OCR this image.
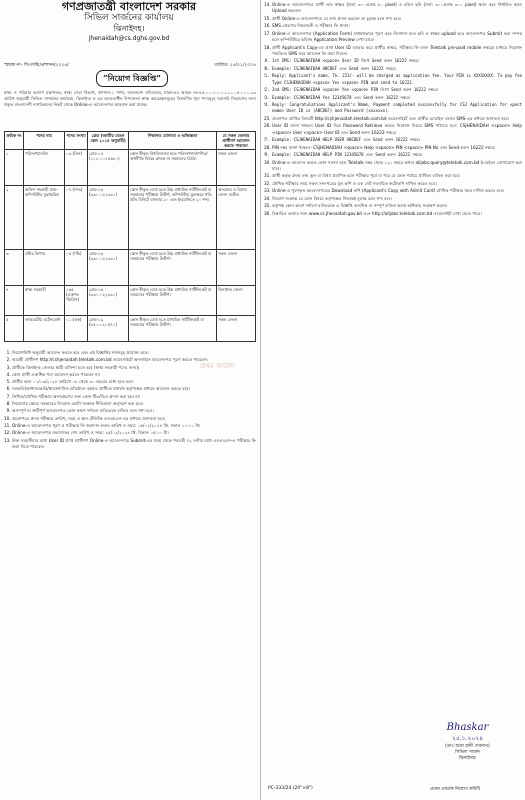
গণপ্রজাতন্ত্রী বাংলাদেশ সরকার
সিভিল সার্জনের কার্যালয়
ঝিনাইদহ।
jhenaidah@cs.dghs.gov.bd
স্মারক নং- সিএসঝি/প্রশাসন/২০২৪/	তারিখঃ ২৫/০১/২০২৪
“নিয়োগ বিজ্ঞপ্তি”
স্বাস্থ্য ও পরিবার কল্যাণ মন্ত্রণালয়, স্বাস্থ্য সেবা বিভাগ, প্রশাসন-১ শাখা, বাংলাদেশ সচিবালয়, ঢাকা-এর স্মারক নং-৪৫.০০.০০০০.১১১.০৫.০০১.২৩ তারিখ অনুযায়ী সিভিল সার্জনের কার্যালয়, ঝিনাইদহ ও এর আওতাধীন উপজেলা স্বাস্থ্য কমপ্লেক্সসমূহের নিম্নবর্ণিত শূন্য পদসমূহে সরাসরি নিয়োগের জন্য প্রকৃত বাংলাদেশী নাগরিকদের নিকট থেকে Online-এ আবেদনপত্র আহবান করা যাচ্ছে।
ক্রমিক নং	পদের নাম	পদের সংখ্যা	গ্রেড (জাতীয় বেতন স্কেল ২০১৫ অনুযায়ী)	শিক্ষাগত যোগ্যতা ও অভিজ্ঞতা	যে সকল জেলার প্রার্থীগণ আবেদন করতে পারবেন
১	পরিসংখ্যানবিদ	০৩ (তিন)	গ্রেড-১৪ (১০২০০-২৪৬৮০)	কোন স্বীকৃত বিশ্ববিদ্যালয় হতে পরিসংখ্যান/গণিত/অর্থনীতি বিষয়ে স্নাতক বা সমমানের ডিগ্রি।	সকল জেলা
২	অফিস সহকারী কাম-কম্পিউটার মুদ্রাক্ষরিক	০৭ (সাত)	গ্রেড-১৬ (৯৩০০-২২৪৯০)	কোন স্বীকৃত বোর্ড হতে উচ্চ মাধ্যমিক সার্টিফিকেট বা সমমানের পরীক্ষায় উত্তীর্ণ; কম্পিউটার মুদ্রাক্ষরে গতি প্রতি মিনিটে বাংলায় ২০ এবং ইংরেজিতে ২০ শব্দ।	অনগ্রসর ও বিশেষ জেলা ব্যতীত
৩	স্টোর কিপার	০৫ (পাঁচ)	গ্রেড-১৬ (৯৩০০-২২৪৯০)	কোন স্বীকৃত বোর্ড হতে উচ্চ মাধ্যমিক সার্টিফিকেট বা সমমানের পরীক্ষায় উত্তীর্ণ।	সকল জেলা
৪	স্বাস্থ্য সহকারী	১৩৫ (একশত পঁয়ত্রিশ)	গ্রেড-১৬ (৯৩০০-২২৪৯০)	কোন স্বীকৃত বোর্ড হতে উচ্চ মাধ্যমিক সার্টিফিকেট বা সমমানের পরীক্ষায় উত্তীর্ণ।	ঝিনাইদহ জেলা
৫	ল্যাবরেটরি এটেনডেন্ট	০১ (এক)	গ্রেড-১৯ (৮৫০০-২০৫৭০)	কোন স্বীকৃত বোর্ড হতে মাধ্যমিক সার্টিফিকেট বা সমমানের পরীক্ষায় উত্তীর্ণ।	সকল জেলা
1. নিয়োগবিধি অনুযায়ী আবেদন করতে হবে এবং এই বিজ্ঞপ্তির শর্তসমূহ প্রযোজ্য হবে।
2. আগ্রহী প্রার্থীগণ http://cshjenaidah.teletalk.com.bd ওয়েবসাইটে অনলাইনে আবেদনপত্র পূরণ করতে পারবেন।
3. প্রার্থীকে ঝিনাইদহ জেলার স্থায়ী বাসিন্দা হতে হবে (স্বাস্থ্য সহকারী পদের জন্য)।
4. কোন প্রার্থী একাধিক পদে আবেদন করতে পারবেন না।
5. প্রার্থীর বয়স ০১/০৩/২০২৪ তারিখে ১৮ থেকে ৩০ বছরের মধ্যে হতে হবে।
6. সরকারি/আধাসরকারি/স্বায়ত্তশাসিত প্রতিষ্ঠানে কর্মরত প্রার্থীকে যথাযথ কর্তৃপক্ষের মাধ্যমে আবেদন করতে হবে।
7. লিখিত/মৌখিক পরীক্ষায় অংশগ্রহণের জন্য কোন টিএ/ডিএ প্রদান করা হবে না।
8. নিয়োগের ক্ষেত্রে সরকারের বিদ্যমান কোটা সংক্রান্ত নীতিমালা অনুসরণ করা হবে।
9. অসম্পূর্ণ বা ত্রুটিপূর্ণ আবেদনপত্র কোন কারণ দর্শানো ব্যতিরেকে বাতিল বলে গণ্য হবে।
10. প্রবেশপত্রে প্রদত্ত পরীক্ষার তারিখ, সময় ও স্থান টেলিটক এসএমএস-এর মাধ্যমে জানানো হবে।
11. Online-এ আবেদনপত্র পূরণ ও পরীক্ষার ফি জমাদান শুরুর তারিখ ও সময়: ০৫/০২/২০২৪ খ্রি. সকাল ১০:০০ টা।
12. Online-এ আবেদনপত্র জমাদানের শেষ তারিখ ও সময়: ২৫/০২/২০২৪ খ্রি. বিকাল ০৫:০০ টা।
13. উক্ত সময়সীমার মধ্যে User ID প্রাপ্ত প্রার্থীগণ Online-এ আবেদনপত্র Submit-এর সময় থেকে পরবর্তী ৭২ ঘণ্টার মধ্যে এসএমএস-এ পরীক্ষার ফি জমা দিতে পারবেন।
প্রথম আলো
14. Online-এ আবেদনপত্রে প্রার্থী তার স্বাক্ষর (দৈর্ঘ্য ৩০০×প্রস্থ ৮০ pixel) ও রঙিন ছবি (দৈর্ঘ্য ৩০০×প্রস্থ ৩০০ pixel) স্ক্যান করে নির্ধারিত স্থানে Upload করবেন।
15. প্রার্থী Online-এ আবেদনপত্রে যে তথ্য প্রদান করবেন তা চূড়ান্ত বলে গণ্য হবে।
16. SMS প্রেরণের নিয়মাবলী ও পরীক্ষার ফি প্রদান:
17. Online-এ আবেদনপত্র (Application Form) যথাযথভাবে পূরণ করে নির্দেশনা মতে ছবি ও স্বাক্ষর upload করে আবেদনপত্র Submit করা সম্পন্ন হলে কম্পিউটারে ছবিসহ Application Preview দেখা যাবে।
18. প্রার্থী Applicant's Copy-তে প্রাপ্ত User ID ব্যবহার করে প্রার্থীর স্বাক্ষর, পরীক্ষার ফি বাবদ Teletalk pre-paid mobile নম্বরের মাধ্যমে নিম্নোক্ত পদ্ধতিতে SMS করে আবেদন ফি জমা দিবেন।
19. 1st SMS: CSJHENAIDAH <space> User ID লিখে Send করুন 16222 নম্বরে।
20. Example: CSJHENAIDAH ABCDEF এবং Send করুন 16222 নম্বরে।
21. Reply: Applicant's name, Tk. 223/- will be charged as application fee. Your PIN is XXXXXXXX. To pay fee Type CSJHENAIDAH <space> Yes <space> PIN and send to 16222.
22. 2nd SMS: CSJHENAIDAH <space> Yes <space> PIN লিখে Send করুন 16222 নম্বরে।
23. Example: CSJHENAIDAH Yes 12345678 এবং Send করুন 16222 নম্বরে।
24. Reply: Congratulations Applicant's Name, Payment completed successfully for CSJ Application for <post name> User ID is (ABCDEF) and Password (xxxxxxx).
25. প্রবেশপত্র প্রাপ্তির বিষয়টি http://cshjenaidah.teletalk.com.bd ওয়েবসাইটে এবং প্রার্থীর মোবাইল ফোনে SMS-এর মাধ্যমে জানানো হবে।
26. User ID জানা থাকলে User ID দিয়ে Password Retrieve করতে নিম্নোক্ত নিয়মে SMS পাঠাতে হবে: CSJHENAIDAH <space> Help <space> User <space> User ID এবং Send করুন 16222 নম্বরে।
27. Example: CSJHENAIDAH HELP USER ABCDEF এবং Send করুন 16222 নম্বরে।
28. PIN নম্বর জানা থাকলে: CSJHENAIDAH <space> Help <space> PIN <space> PIN No এবং Send করুন 16222 নম্বরে।
29. Example: CSJHENAIDAH HELP PIN 12345678 এবং Send করুন 16222 নম্বরে।
30. Online-এ আবেদন করতে কোন সমস্যা হলে Teletalk নম্বর থেকে ১২১ নম্বরে অথবা alljobs.query@teletalk.com.bd ই-মেইলে যোগাযোগ করা যাবে।
31. প্রার্থী কর্তৃক প্রদত্ত তথ্য ভুল বা মিথ্যা প্রমাণিত হলে পরীক্ষার পূর্বে বা পরে যে কোন পর্যায়ে প্রার্থিতা বাতিল করা হবে।
32. মৌখিক পরীক্ষার সময় সকল সনদপত্রের মূল কপি ও এক সেট সত্যায়িত ফটোকপি দাখিল করতে হবে।
33. Online-এ পূরণকৃত আবেদনপত্রের Download কপি (Applicant's Copy with Admit Card) মৌখিক পরীক্ষার সময় দাখিল করতে হবে।
34. নিয়োগ সংক্রান্ত যে কোন বিষয়ে কর্তৃপক্ষের সিদ্ধান্তই চূড়ান্ত বলে গণ্য হবে।
35. কর্তৃপক্ষ কোন কারণ দর্শানো ব্যতিরেকে এ বিজ্ঞপ্তি আংশিক বা সম্পূর্ণ বাতিল করার অধিকার সংরক্ষণ করেন।
36. বিস্তারিত তথ্যের জন্য www.cs.jhenaidah.gov.bd এবং http://alljobs.teletalk.com.bd ওয়েবসাইট দেখা যেতে পারে।
Bhaskar
২৫.১.২০২৪
(ডাঃ শুভ্রা রানী দেবনাথ)
সিভিল সার্জন
ঝিনাইদহ।
PC-333/24 (20"×8")	প্রধান প্রবর্তক নিয়োগ কমিটি
